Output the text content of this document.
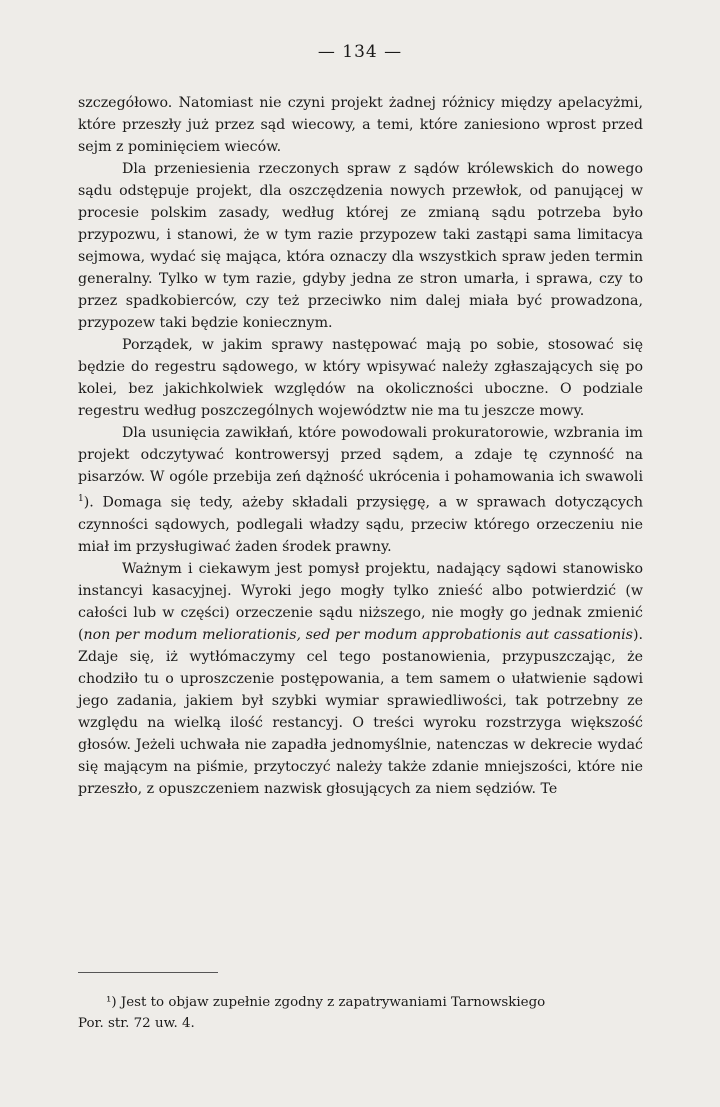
— 134 —

szczegółowo. Natomiast nie czyni projekt żadnej różnicy między apelacyżmi, które przeszły już przez sąd wiecowy, a temi, które zaniesiono wprost przed sejm z pominięciem wieców.

Dla przeniesienia rzeczonych spraw z sądów królewskich do nowego sądu odstępuje projekt, dla oszczędzenia nowych przewłok, od panującej w procesie polskim zasady, według której ze zmianą sądu potrzeba było przypozwu, i stanowi, że w tym razie przypozew taki zastąpi sama limitacya sejmowa, wydać się mająca, która oznaczy dla wszystkich spraw jeden termin generalny. Tylko w tym razie, gdyby jedna ze stron umarła, i sprawa, czy to przez spadkobierców, czy też przeciwko nim dalej miała być prowadzona, przypozew taki będzie koniecznym.

Porządek, w jakim sprawy następować mają po sobie, stosować się będzie do regestru sądowego, w który wpisywać należy zgłaszających się po kolei, bez jakichkolwiek względów na okoliczności uboczne. O podziale regestru według poszczególnych województw nie ma tu jeszcze mowy.

Dla usunięcia zawikłań, które powodowali prokuratorowie, wzbrania im projekt odczytywać kontrowersyj przed sądem, a zdaje tę czynność na pisarzów. W ogóle przebija zeń dążność ukrócenia i pohamowania ich swawoli $^1$). Domaga się tedy, ażeby składali przysięgę, a w sprawach dotyczących czynności sądowych, podlegali władzy sądu, przeciw którego orzeczeniu nie miał im przysługiwać żaden środek prawny.

Ważnym i ciekawym jest pomysł projektu, nadający sądowi stanowisko instancyi kasacyjnej. Wyroki jego mogły tylko znieść albo potwierdzić (w całości lub w części) orzeczenie sądu niższego, nie mogły go jednak zmienić (non per modum meliorationis, sed per modum approbationis aut cassationis). Zdaje się, iż wytłómaczymy cel tego postanowienia, przypuszczając, że chodziło tu o uproszczenie postępowania, a tem samem o ułatwienie sądowi jego zadania, jakiem był szybki wymiar sprawiedliwości, tak potrzebny ze względu na wielką ilość restancyj. O treści wyroku rozstrzyga większość głosów. Jeżeli uchwała nie zapadła jednomyślnie, natenczas w dekrecie wydać się mającym na piśmie, przytoczyć należy także zdanie mniejszości, które nie przeszło, z opuszczeniem nazwisk głosujących za niem sędziów. Te

¹) Jest to objaw zupełnie zgodny z zapatrywaniami Tarnowskiego
Por. str. 72 uw. 4.
